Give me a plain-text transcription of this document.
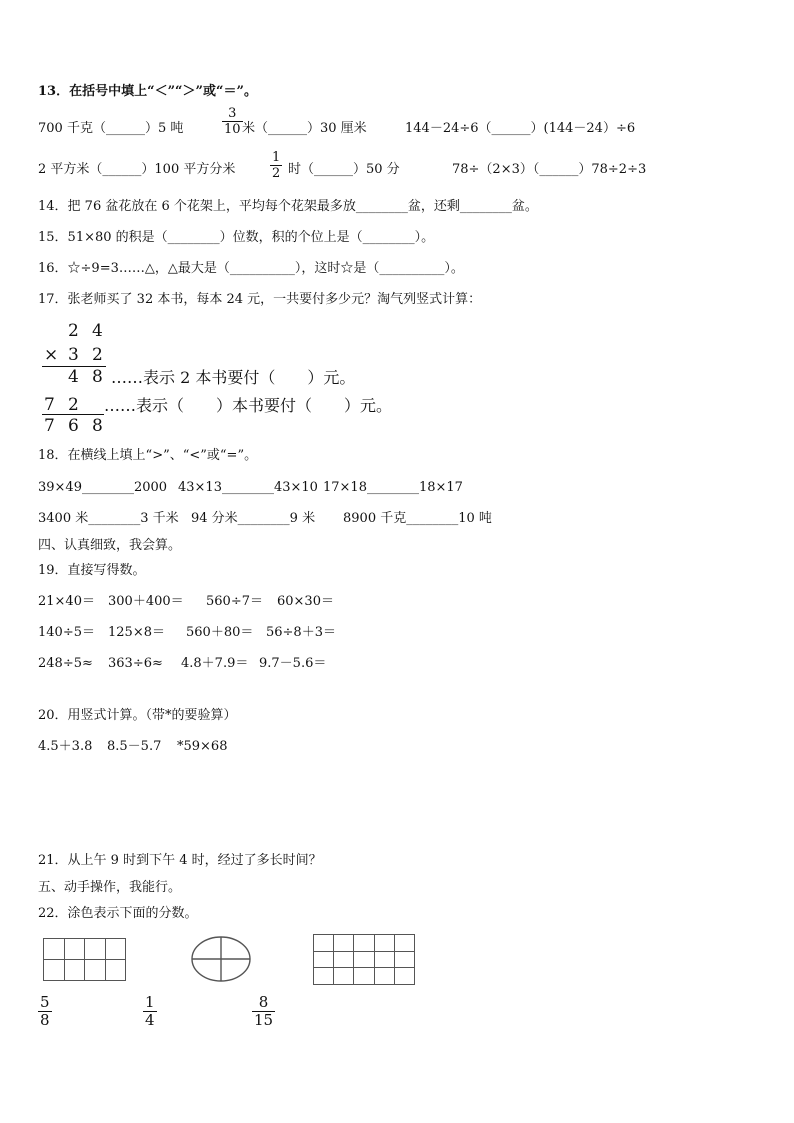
13．在括号中填上“＜”“＞”或“＝”。
700 千克（______）5 吨
3
10 米（______）30 厘米	144－24÷6（______）(144－24）÷6
2 平方米（______）100 平方分米
1
2 时（______）50 分	78÷（2×3）（______）78÷2÷3
14．把 76 盆花放在 6 个花架上，平均每个花架最多放________盆，还剩________盆。
15．51×80 的积是（________）位数，积的个位上是（________）。
16．☆÷9=3……△，△最大是（__________），这时☆是（__________）。
17．张老师买了 32 本书，每本 24 元，一共要付多少元？淘气列竖式计算：
2 4
× 3 2
4 8 ……表示 2 本书要付（　　）元。
7 2 ……表示（　　）本书要付（　　）元。
7 6 8
18．在横线上填上“>”、“<”或“=”。
39×49________2000 43×13________43×10 17×18________18×17
3400 米________3 千米 94 分米________9 米 8900 千克________10 吨
四、认真细致，我会算。
19．直接写得数。
21×40＝ 300＋400＝ 560÷7＝ 60×30＝
140÷5＝ 125×8＝ 560＋80＝ 56÷8＋3＝
248÷5≈ 363÷6≈ 4.8＋7.9＝ 9.7－5.6＝
20．用竖式计算。（带*的要验算）
4.5＋3.8 8.5－5.7 *59×68
21．从上午 9 时到下午 4 时，经过了多长时间？
五、动手操作，我能行。
22．涂色表示下面的分数。

5
8
1
4
8
15
